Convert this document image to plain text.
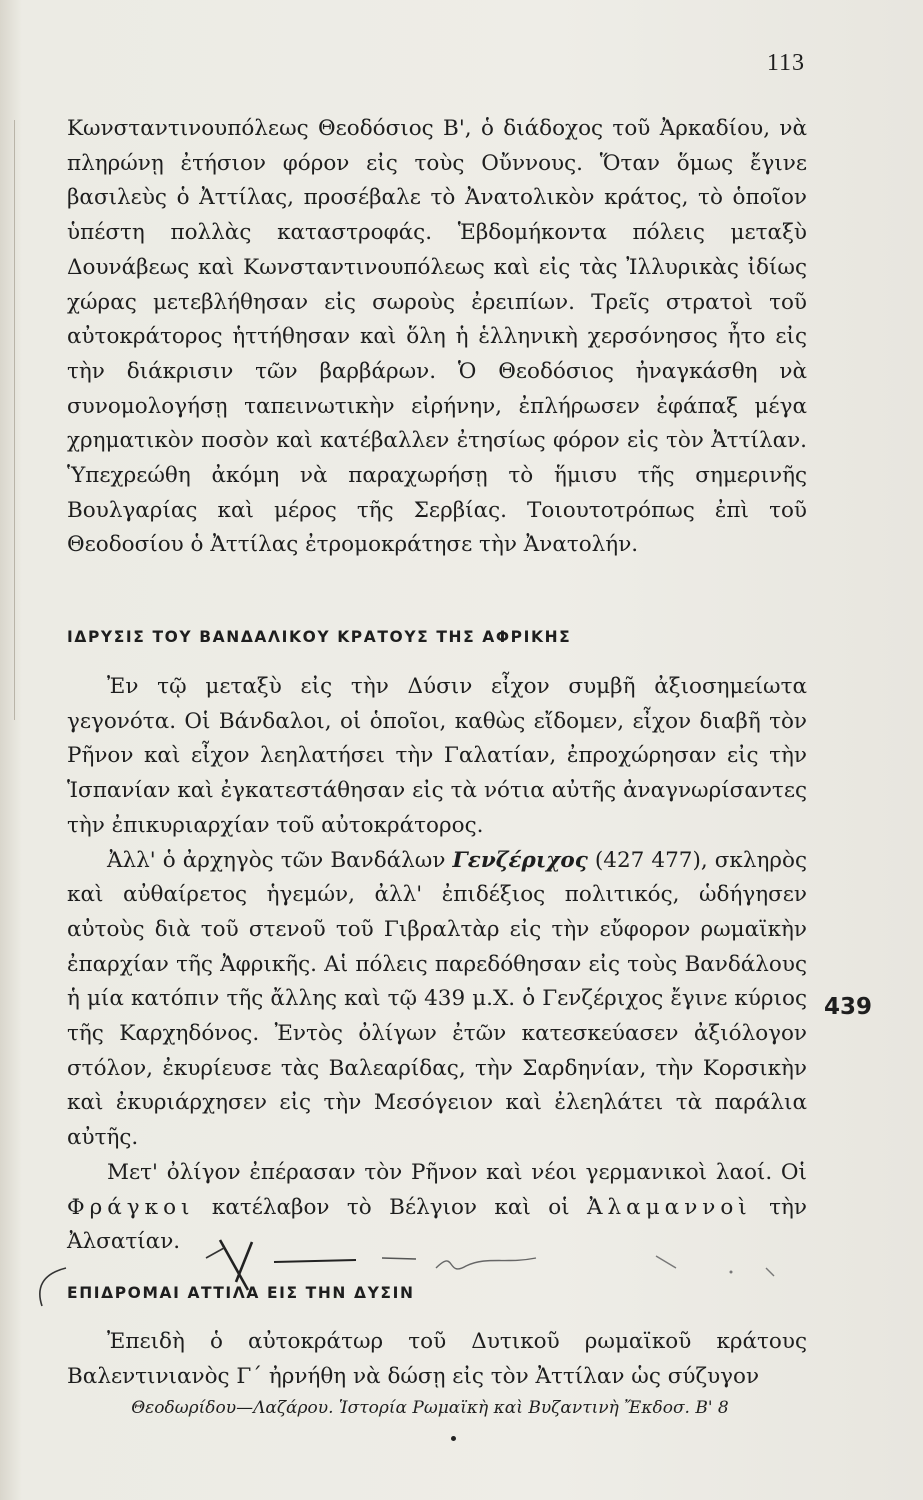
113

Κωνσταντινουπόλεως Θεοδόσιος Β', ὁ διάδοχος τοῦ Ἀρκαδίου, νὰ πληρώνῃ ἐτήσιον φόρον εἰς τοὺς Οὔννους. Ὅταν ὅμως ἔγινε βασιλεὺς ὁ Ἀττίλας, προσέβαλε τὸ Ἀνατολικὸν κράτος, τὸ ὁποῖον ὑπέστη πολλὰς καταστροφάς. Ἑβδομήκοντα πόλεις μεταξὺ Δουνάβεως καὶ Κωνσταντινουπόλεως καὶ εἰς τὰς Ἰλλυρικὰς ἰδίως χώρας μετεβλήθησαν εἰς σωροὺς ἐρειπίων. Τρεῖς στρατοὶ τοῦ αὐτοκράτορος ἡττήθησαν καὶ ὅλη ἡ ἑλληνικὴ χερσόνησος ἦτο εἰς τὴν διάκρισιν τῶν βαρβάρων. Ὁ Θεοδόσιος ἠναγκάσθη νὰ συνομολογήσῃ ταπεινωτικὴν εἰρήνην, ἐπλήρωσεν ἐφάπαξ μέγα χρηματικὸν ποσὸν καὶ κατέβαλλεν ἐτησίως φόρον εἰς τὸν Ἀττίλαν. Ὑπεχρεώθη ἀκόμη νὰ παραχωρήσῃ τὸ ἥμισυ τῆς σημερινῆς Βουλγαρίας καὶ μέρος τῆς Σερβίας. Τοιουτοτρόπως ἐπὶ τοῦ Θεοδοσίου ὁ Ἀττίλας ἐτρομοκράτησε τὴν Ἀνατολήν.

ΙΔΡΥΣΙΣ ΤΟΥ ΒΑΝΔΑΛΙΚΟΥ ΚΡΑΤΟΥΣ ΤΗΣ ΑΦΡΙΚΗΣ
Ἐν τῷ μεταξὺ εἰς τὴν Δύσιν εἶχον συμβῆ ἀξιοσημείωτα γεγονότα. Οἱ Βάνδαλοι, οἱ ὁποῖοι, καθὼς εἴδομεν, εἶχον διαβῆ τὸν Ρῆνον καὶ εἶχον λεηλατήσει τὴν Γαλατίαν, ἐπροχώρησαν εἰς τὴν Ἱσπανίαν καὶ ἐγκατεστάθησαν εἰς τὰ νότια αὐτῆς ἀναγνωρίσαντες τὴν ἐπικυριαρχίαν τοῦ αὐτοκράτορος.
Ἀλλ' ὁ ἀρχηγὸς τῶν Βανδάλων Γενζέριχος (427 477), σκληρὸς καὶ αὐθαίρετος ἡγεμών, ἀλλ' ἐπιδέξιος πολιτικός, ὡδήγησεν αὐτοὺς διὰ τοῦ στενοῦ τοῦ Γιβραλτὰρ εἰς τὴν εὔφορον ρωμαϊκὴν ἐπαρχίαν τῆς Ἀφρικῆς. Αἱ πόλεις παρεδόθησαν εἰς τοὺς Βανδάλους ἡ μία κατόπιν τῆς ἄλλης καὶ τῷ 439 μ.Χ. ὁ Γενζέριχος ἔγινε κύριος τῆς Καρχηδόνος. Ἐντὸς ὀλίγων ἐτῶν κατεσκεύασεν ἀξιόλογον στόλον, ἐκυρίευσε τὰς Βαλεαρίδας, τὴν Σαρδηνίαν, τὴν Κορσικὴν καὶ ἐκυριάρχησεν εἰς τὴν Μεσόγειον καὶ ἐλεηλάτει τὰ παράλια αὐτῆς.
Μετ' ὀλίγον ἐπέρασαν τὸν Ρῆνον καὶ νέοι γερμανικοὶ λαοί. Οἱ Φράγκοι κατέλαβον τὸ Βέλγιον καὶ οἱ Ἀλαμαννοὶ τὴν Ἀλσατίαν.
439
ΕΠΙΔΡΟΜΑΙ ΑΤΤΙΛΑ ΕΙΣ ΤΗΝ ΔΥΣΙΝ

Ἐπειδὴ ὁ αὐτοκράτωρ τοῦ Δυτικοῦ ρωμαϊκοῦ κράτους Βαλεντινιανὸς Γ΄ ἠρνήθη νὰ δώσῃ εἰς τὸν Ἀττίλαν ὡς σύζυγον

Θεοδωρίδου—Λαζάρου. Ἱστορία Ρωμαϊκὴ καὶ Βυζαντινὴ Ἔκδοσ. Β' 8
